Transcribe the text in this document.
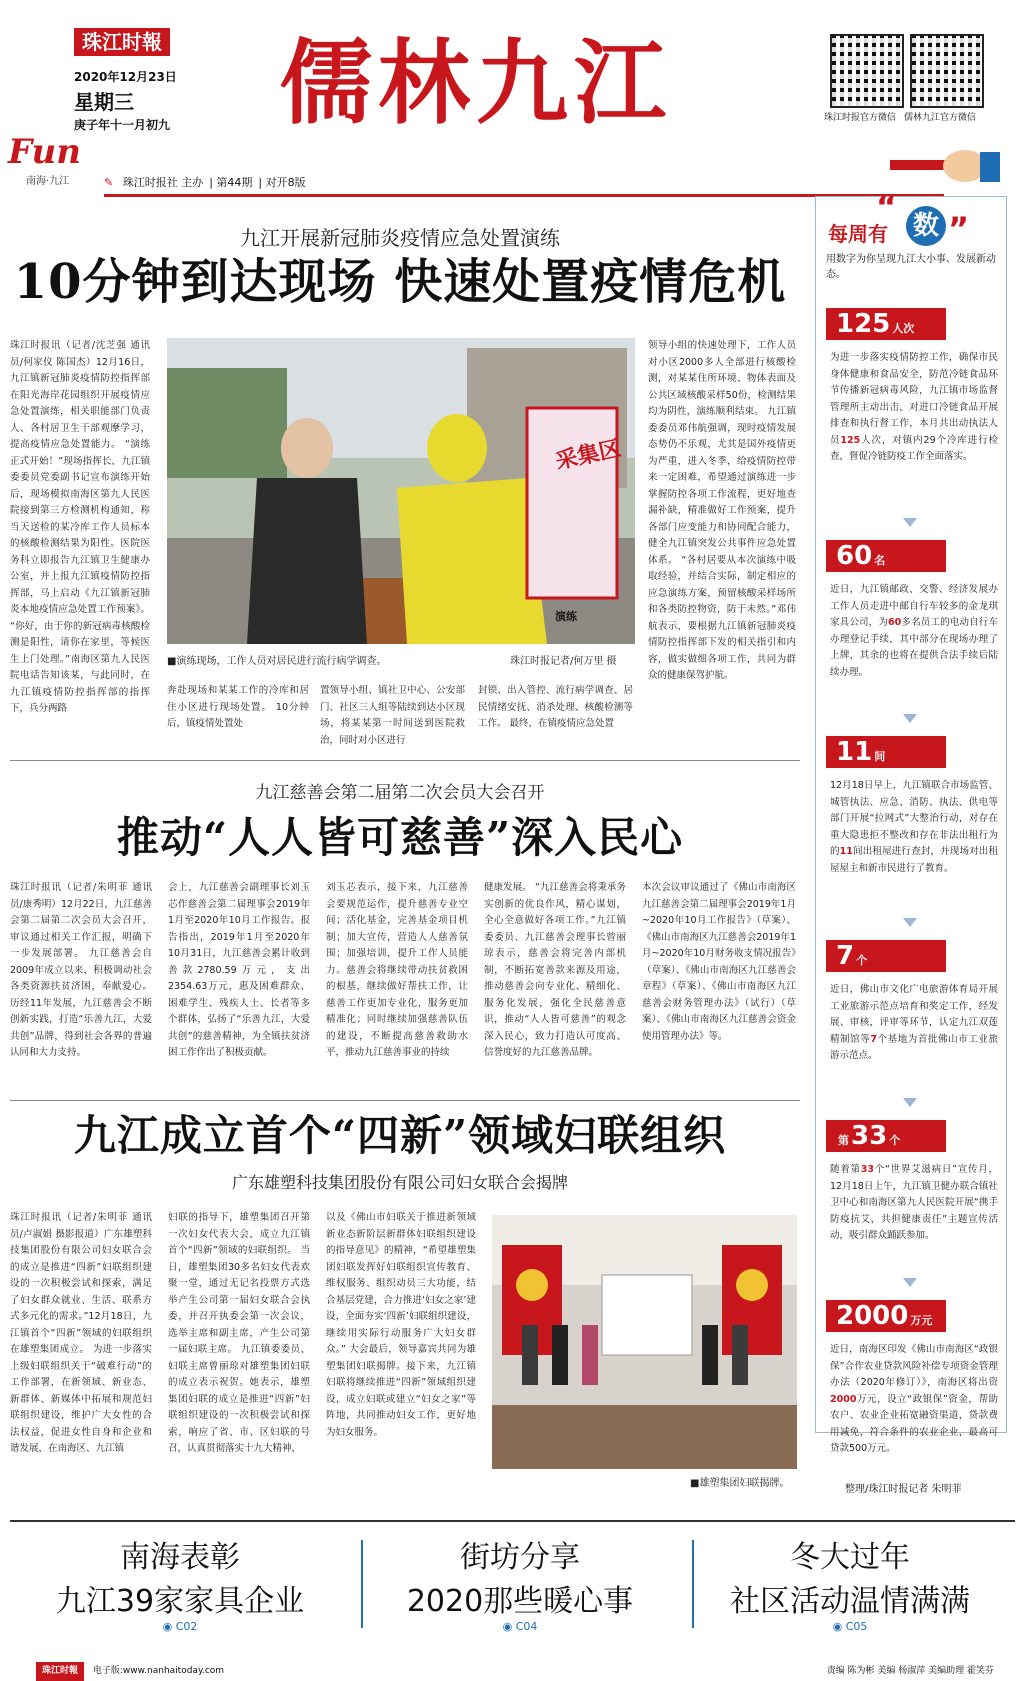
珠江时報
2020年12月23日
星期三
庚子年十一月初九 儒林九江	珠江时报官方微信 儒林九江官方微信
Fun
南海·九江	✎ 珠江时报社 主办 | 第44期 | 对开8版
九江开展新冠肺炎疫情应急处置演练
10分钟到达现场 快速处置疫情危机
珠江时报讯（记者/沈芝强 通讯员/何家仪 陈国杰）12月16日，九江镇新冠肺炎疫情防控指挥部在阳光海岸花园组织开展疫情应急处置演练，相关职能部门负责人、各村居卫生干部观摩学习，提高疫情应急处置能力。 “演练正式开始！”现场指挥长、九江镇委委员党委副书记宣布演练开始后，现场模拟南海区第九人民医院接到第三方检测机构通知，称当天送检的某冷库工作人员标本的核酸检测结果为阳性。医院医务科立即报告九江镇卫生健康办公室，并上报九江镇疫情防控指挥部，马上启动《九江镇新冠肺炎本地疫情应急处置工作预案》。 “你好，由于你的新冠病毒核酸检测是阳性，请你在家里，等候医生上门处理。”南海区第九人民医院电话告知该某，与此同时，在九江镇疫情防控指挥部的指挥下，兵分两路
采集区
演练
■演练现场，工作人员对居民进行流行病学调查。	珠江时报记者/何万里 摄
领导小组的快速处理下，工作人员对小区2000多人全部进行核酸检测，对某某住所环境、物体表面及公共区域核酸采样50份，检测结果均为阴性，演练顺利结束。 九江镇委委员邓伟航强调，现时疫情发展态势仍不乐观，尤其是国外疫情更为严重，进入冬季，给疫情防控带来一定困难，希望通过演练进一步掌握防控各项工作流程，更好地查漏补缺，精准做好工作预案，提升各部门应变能力和协同配合能力，健全九江镇突发公共事件应急处置体系。 “各村居要从本次演练中吸取经验，并结合实际，制定相应的应急演练方案，预留核酸采样场所和各类防控物资，防于未然。”邓伟航表示，要根据九江镇新冠肺炎疫情防控指挥部下发的相关指引和内容，做实做细各项工作，共同为群众的健康保驾护航。
奔赴现场和某某工作的冷库和居住小区进行现场处置。 10分钟后，镇疫情处置处
置领导小组、镇社卫中心、公安部门、社区三人组等陆续到达小区现场，将某某第一时间送到医院救治，同时对小区进行
封锁、出入管控、流行病学调查、居民情绪安抚、消杀处理、核酸检测等工作。 最终，在镇疫情应急处置
九江慈善会第二届第二次会员大会召开
推动“人人皆可慈善”深入民心
珠江时报讯（记者/朱明菲 通讯员/康秀明）12月22日，九江慈善会第二届第二次会员大会召开，审议通过相关工作汇报，明确下一步发展部署。 九江慈善会自2009年成立以来，积极调动社会各类资源扶贫济困，奉献爱心。历经11年发展，九江慈善会不断创新实践，打造“乐善九江，大爱共创”品牌，得到社会各界的普遍认同和大力支持。
会上，九江慈善会副理事长刘玉芯作慈善会第二届理事会2019年1月至2020年10月工作报告。报告指出，2019年1月至2020年10月31日，九江慈善会累计收到善款2780.59万元，支出2354.63万元，惠及困难群众、困难学生、残疾人士、长者等多个群体，弘扬了“乐善九江，大爱共创”的慈善精神，为全镇扶贫济困工作作出了积极贡献。
刘玉芯表示，接下来，九江慈善会要规范运作，提升慈善专业空间；活化基金，完善基金项目机制；加大宣传，营造人人慈善氛围；加强培训，提升工作人员能力。慈善会将继续带动扶贫救困的根基，继续做好帮扶工作，让慈善工作更加专业化，服务更加精准化；同时继续加强慈善队伍的建设，不断提高慈善救助水平，推动九江慈善事业的持续
健康发展。 “九江慈善会将秉承务实创新的优良作风，精心谋划，全心全意做好各项工作。”九江镇委委员、九江慈善会理事长曾丽琼表示，慈善会将完善内部机制，不断拓宽善款来源及用途，推动慈善会向专业化、精细化、服务化发展，强化全民慈善意识，推动“人人皆可慈善”的观念深入民心，致力打造认可度高、信誉度好的九江慈善品牌。
本次会议审议通过了《佛山市南海区九江慈善会第二届理事会2019年1月~2020年10月工作报告》（草案）、《佛山市南海区九江慈善会2019年1月~2020年10月财务收支情况报告》（草案）、《佛山市南海区九江慈善会章程》（草案）、《佛山市南海区九江慈善会财务管理办法》（试行）（草案）、《佛山市南海区九江慈善会资金使用管理办法》等。
九江成立首个“四新”领域妇联组织
广东雄塑科技集团股份有限公司妇女联合会揭牌
珠江时报讯（记者/朱明菲 通讯员/卢淑娟 摄影报道）广东雄塑科技集团股份有限公司妇女联合会的成立是推进“四新”妇联组织建设的一次积极尝试和探索，满足了妇女群众就业、生活、联系方式多元化的需求。”12月18日，九江镇首个“四新”领域的妇联组织在雄塑集团成立。 为进一步落实上级妇联组织关于“破难行动”的工作部署，在新领域、新业态、新群体、新媒体中拓展和规范妇联组织建设，维护广大女性的合法权益，促进女性自身和企业和谐发展，在南海区、九江镇
妇联的指导下，雄塑集团召开第一次妇女代表大会，成立九江镇首个“四新”领域的妇联组织。 当日，雄塑集团30多名妇女代表欢聚一堂，通过无记名投票方式选举产生公司第一届妇女联合会执委，并召开执委会第一次会议，选举主席和副主席，产生公司第一届妇联主席。 九江镇委委员、妇联主席曾丽琼对雄塑集团妇联的成立表示祝贺。她表示，雄塑集团妇联的成立是推进“四新”妇联组织建设的一次积极尝试和探索，响应了省、市、区妇联的号召，认真贯彻落实十九大精神，
以及《佛山市妇联关于推进新领域新业态新阶层新群体妇联组织建设的指导意见》的精神，“希望雄塑集团妇联发挥好妇联组织宣传教育、维权服务、组织动员三大功能，结合基层党建，合力推进‘妇女之家’建设，全面夯实‘四新’妇联组织建设，继续用实际行动服务广大妇女群众。” 大会最后，领导嘉宾共同为雄塑集团妇联揭牌。接下来，九江镇妇联将继续推进“四新”领域组织建设，成立妇联或建立“妇女之家”等阵地，共同推动妇女工作，更好地为妇女服务。
■雄塑集团妇联揭牌。
“
每周有 数 ”
用数字为你呈现九江大小事、发展新动态。
125 人次
为进一步落实疫情防控工作，确保市民身体健康和食品安全，防范冷链食品环节传播新冠病毒风险，九江镇市场监督管理所主动出击，对进口冷链食品开展排查和执行督工作，本月共出动执法人员125人次，对镇内29个冷库进行检查，督促冷链防疫工作全面落实。
60 名
近日，九江镇邮政、交警、经济发展办工作人员走进中邮自行车较多的金龙琪家具公司，为60多名员工的电动自行车办理登记手续，其中部分在现场办理了上牌，其余的也将在提供合法手续后陆续办理。
11 间
12月18日早上，九江镇联合市场监管、城管执法、应急、消防、执法、供电等部门开展“拉网式”大整治行动，对存在重大隐患拒不整改和存在非法出租行为的11间出租屋进行查封，并现场对出租屋屋主和新市民进行了教育。
7 个
近日，佛山市文化广电旅游体育局开展工业旅游示范点培育和奖定工作，经发展、审核，评审等环节，认定九江双莲精制馆等7个基地为首批佛山市工业旅游示范点。
第33 个
随着第33个“世界艾滋病日”宣传月，12月18日上午，九江镇卫健办联合镇社卫中心和南海区第九人民医院开展“携手防疫抗艾，共担健康责任”主题宣传活动，吸引群众踊跃参加。
2000 万元
近日，南海区印发《佛山市南海区“政银保”合作农业贷款风险补偿专项资金管理办法（2020年修订）》，南海区将出资2000万元，设立“政银保”资金，帮助农户、农业企业拓宽融资渠道，贷款费用减免，符合条件的农业企业，最高可贷款500万元。
整理/珠江时报记者 朱明菲
南海表彰
九江39家家具企业
◉ C02
街坊分享
2020那些暖心事
◉ C04
冬大过年
社区活动温情满满
◉ C05
珠江时報 电子版:www.nanhaitoday.com	责编 陈为彬 美编 杨淑萍 美编助理 霍笑芬
